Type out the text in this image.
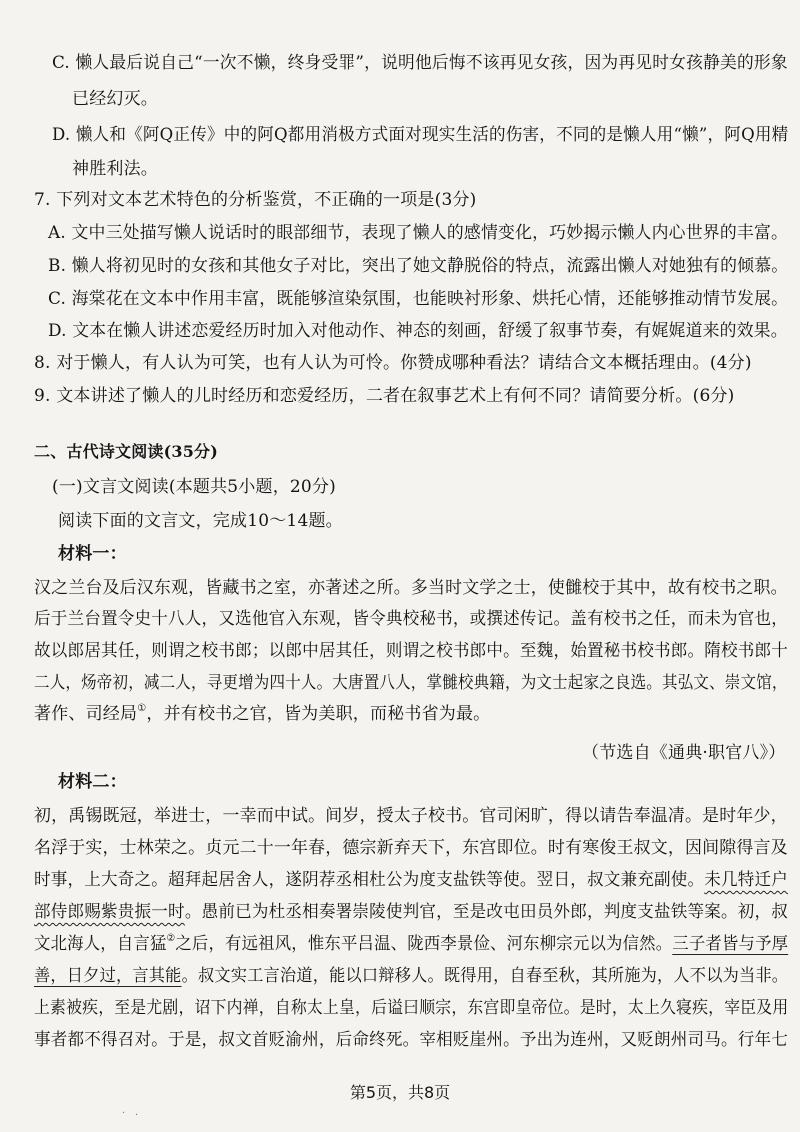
C. 懒人最后说自己“一次不懒，终身受罪”，说明他后悔不该再见女孩，因为再见时女孩静美的形象
已经幻灭。
D. 懒人和《阿Q正传》中的阿Q都用消极方式面对现实生活的伤害，不同的是懒人用“懒”，阿Q用精
神胜利法。
7. 下列对文本艺术特色的分析鉴赏，不正确的一项是(3分)
A. 文中三处描写懒人说话时的眼部细节，表现了懒人的感情变化，巧妙揭示懒人内心世界的丰富。
B. 懒人将初见时的女孩和其他女子对比，突出了她文静脱俗的特点，流露出懒人对她独有的倾慕。
C. 海棠花在文本中作用丰富，既能够渲染氛围，也能映衬形象、烘托心情，还能够推动情节发展。
D. 文本在懒人讲述恋爱经历时加入对他动作、神态的刻画，舒缓了叙事节奏，有娓娓道来的效果。
8. 对于懒人，有人认为可笑，也有人认为可怜。你赞成哪种看法？请结合文本概括理由。(4分)
9. 文本讲述了懒人的儿时经历和恋爱经历，二者在叙事艺术上有何不同？请简要分析。(6分)
二、古代诗文阅读(35分)
(一)文言文阅读(本题共5小题，20分)
阅读下面的文言文，完成10～14题。
材料一：
汉之兰台及后汉东观，皆藏书之室，亦著述之所。多当时文学之士，使雠校于其中，故有校书之职。
后于兰台置令史十八人，又选他官入东观，皆令典校秘书，或撰述传记。盖有校书之任，而未为官也，
故以郎居其任，则谓之校书郎；以郎中居其任，则谓之校书郎中。至魏，始置秘书校书郎。隋校书郎十
二人，炀帝初，减二人，寻更增为四十人。大唐置八人，掌雠校典籍，为文士起家之良选。其弘文、崇文馆，
著作、司经局①，并有校书之官，皆为美职，而秘书省为最。
（节选自《通典·职官八》）
材料二：
初，禹锡既冠，举进士，一幸而中试。间岁，授太子校书。官司闲旷，得以请告奉温凊。是时年少，
名浮于实，士林荣之。贞元二十一年春，德宗新弃天下，东宫即位。时有寒俊王叔文，因间隙得言及
时事，上大奇之。超拜起居舍人，遂阴荐丞相杜公为度支盐铁等使。翌日，叔文兼充副使。未几特迁户
部侍郎赐紫贵振一时。愚前已为杜丞相奏署崇陵使判官，至是改屯田员外郎，判度支盐铁等案。初，叔
文北海人，自言猛②之后，有远祖风，惟东平吕温、陇西李景俭、河东柳宗元以为信然。三子者皆与予厚
善，日夕过，言其能。叔文实工言治道，能以口辩移人。既得用，自春至秋，其所施为，人不以为当非。
上素被疾，至是尤剧，诏下内禅，自称太上皇，后谥曰顺宗，东宫即皇帝位。是时，太上久寝疾，宰臣及用
事者都不得召对。于是，叔文首贬渝州，后命终死。宰相贬崖州。予出为连州，又贬朗州司马。行年七
第5页，共8页
· ·
